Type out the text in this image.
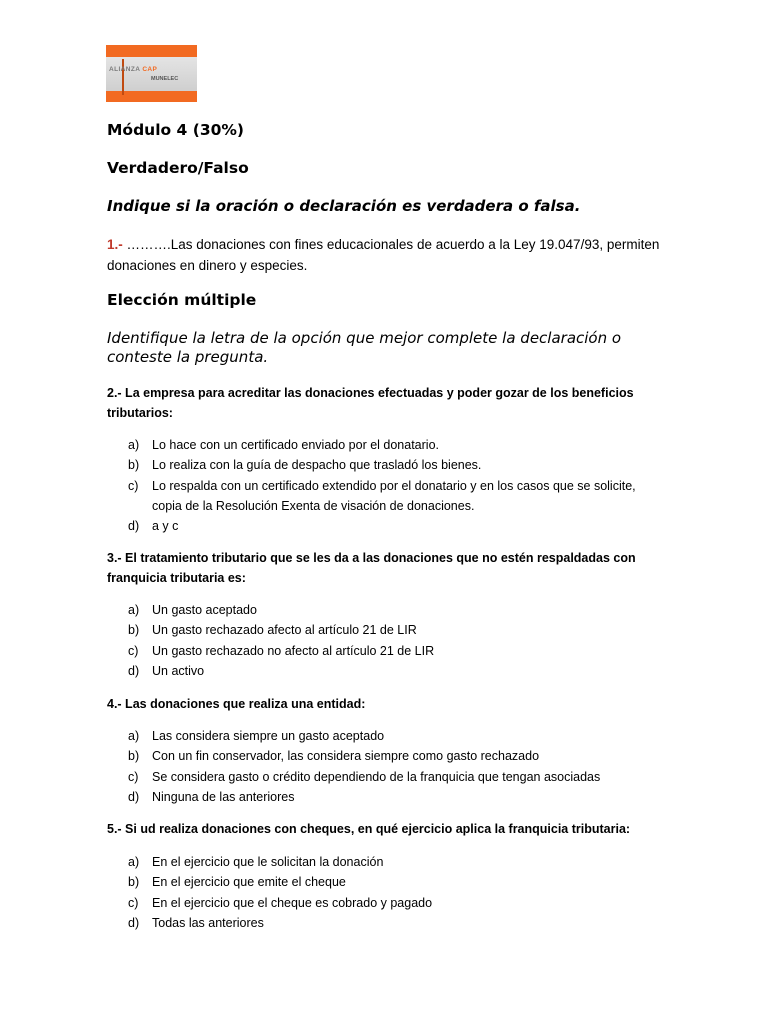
ALIANZA CAP
MUNELEC
Módulo 4 (30%)
Verdadero/Falso
Indique si la oración o declaración es verdadera o falsa.
1.- ……….Las donaciones con fines educacionales de acuerdo a la Ley 19.047/93, permiten donaciones en dinero y especies.
Elección múltiple
Identifique la letra de la opción que mejor complete la declaración o conteste la pregunta.
2.- La empresa para acreditar las donaciones efectuadas y poder gozar de los beneficios tributarios:
a) Lo hace con un certificado enviado por el donatario.
b) Lo realiza con la guía de despacho que trasladó los bienes.
c) Lo respalda con un certificado extendido por el donatario y en los casos que se solicite, copia de la Resolución Exenta de visación de donaciones.
d) a y c
3.- El tratamiento tributario que se les da a las donaciones que no estén respaldadas con franquicia tributaria es:
a) Un gasto aceptado
b) Un gasto rechazado afecto al artículo 21 de LIR
c) Un gasto rechazado no afecto al artículo 21 de LIR
d) Un activo
4.- Las donaciones que realiza una entidad:
a) Las considera siempre un gasto aceptado
b) Con un fin conservador, las considera siempre como gasto rechazado
c) Se considera gasto o crédito dependiendo de la franquicia que tengan asociadas
d) Ninguna de las anteriores
5.- Si ud realiza donaciones con cheques, en qué ejercicio aplica la franquicia tributaria:
a) En el ejercicio que le solicitan la donación
b) En el ejercicio que emite el cheque
c) En el ejercicio que el cheque es cobrado y pagado
d) Todas las anteriores
